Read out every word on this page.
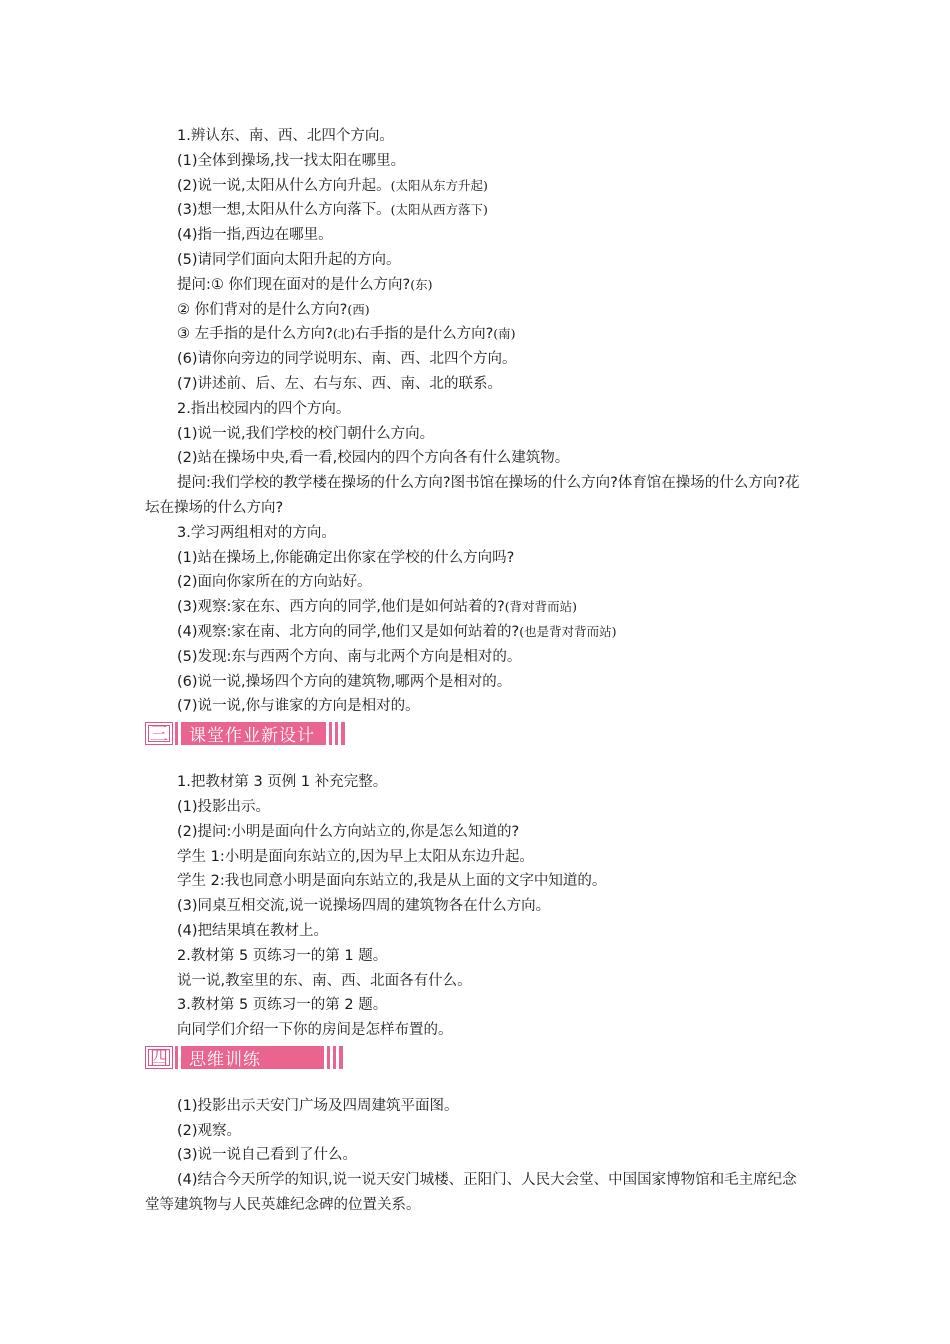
1.辨认东、南、西、北四个方向。
(1)全体到操场,找一找太阳在哪里。
(2)说一说,太阳从什么方向升起。(太阳从东方升起)
(3)想一想,太阳从什么方向落下。(太阳从西方落下)
(4)指一指,西边在哪里。
(5)请同学们面向太阳升起的方向。
提问:① 你们现在面对的是什么方向?(东)
② 你们背对的是什么方向?(西)
③ 左手指的是什么方向?(北)右手指的是什么方向?(南)
(6)请你向旁边的同学说明东、南、西、北四个方向。
(7)讲述前、后、左、右与东、西、南、北的联系。
2.指出校园内的四个方向。
(1)说一说,我们学校的校门朝什么方向。
(2)站在操场中央,看一看,校园内的四个方向各有什么建筑物。
提问:我们学校的教学楼在操场的什么方向?图书馆在操场的什么方向?体育馆在操场的什么方向?花坛在操场的什么方向?
3.学习两组相对的方向。
(1)站在操场上,你能确定出你家在学校的什么方向吗?
(2)面向你家所在的方向站好。
(3)观察:家在东、西方向的同学,他们是如何站着的?(背对背而站)
(4)观察:家在南、北方向的同学,他们又是如何站着的?(也是背对背而站)
(5)发现:东与西两个方向、南与北两个方向是相对的。
(6)说一说,操场四个方向的建筑物,哪两个是相对的。
(7)说一说,你与谁家的方向是相对的。
三	课堂作业新设计
1.把教材第 3 页例 1 补充完整。
(1)投影出示。
(2)提问:小明是面向什么方向站立的,你是怎么知道的?
学生 1:小明是面向东站立的,因为早上太阳从东边升起。
学生 2:我也同意小明是面向东站立的,我是从上面的文字中知道的。
(3)同桌互相交流,说一说操场四周的建筑物各在什么方向。
(4)把结果填在教材上。
2.教材第 5 页练习一的第 1 题。
说一说,教室里的东、南、西、北面各有什么。
3.教材第 5 页练习一的第 2 题。
向同学们介绍一下你的房间是怎样布置的。
四	思维训练
(1)投影出示天安门广场及四周建筑平面图。
(2)观察。
(3)说一说自己看到了什么。
(4)结合今天所学的知识,说一说天安门城楼、正阳门、人民大会堂、中国国家博物馆和毛主席纪念堂等建筑物与人民英雄纪念碑的位置关系。
